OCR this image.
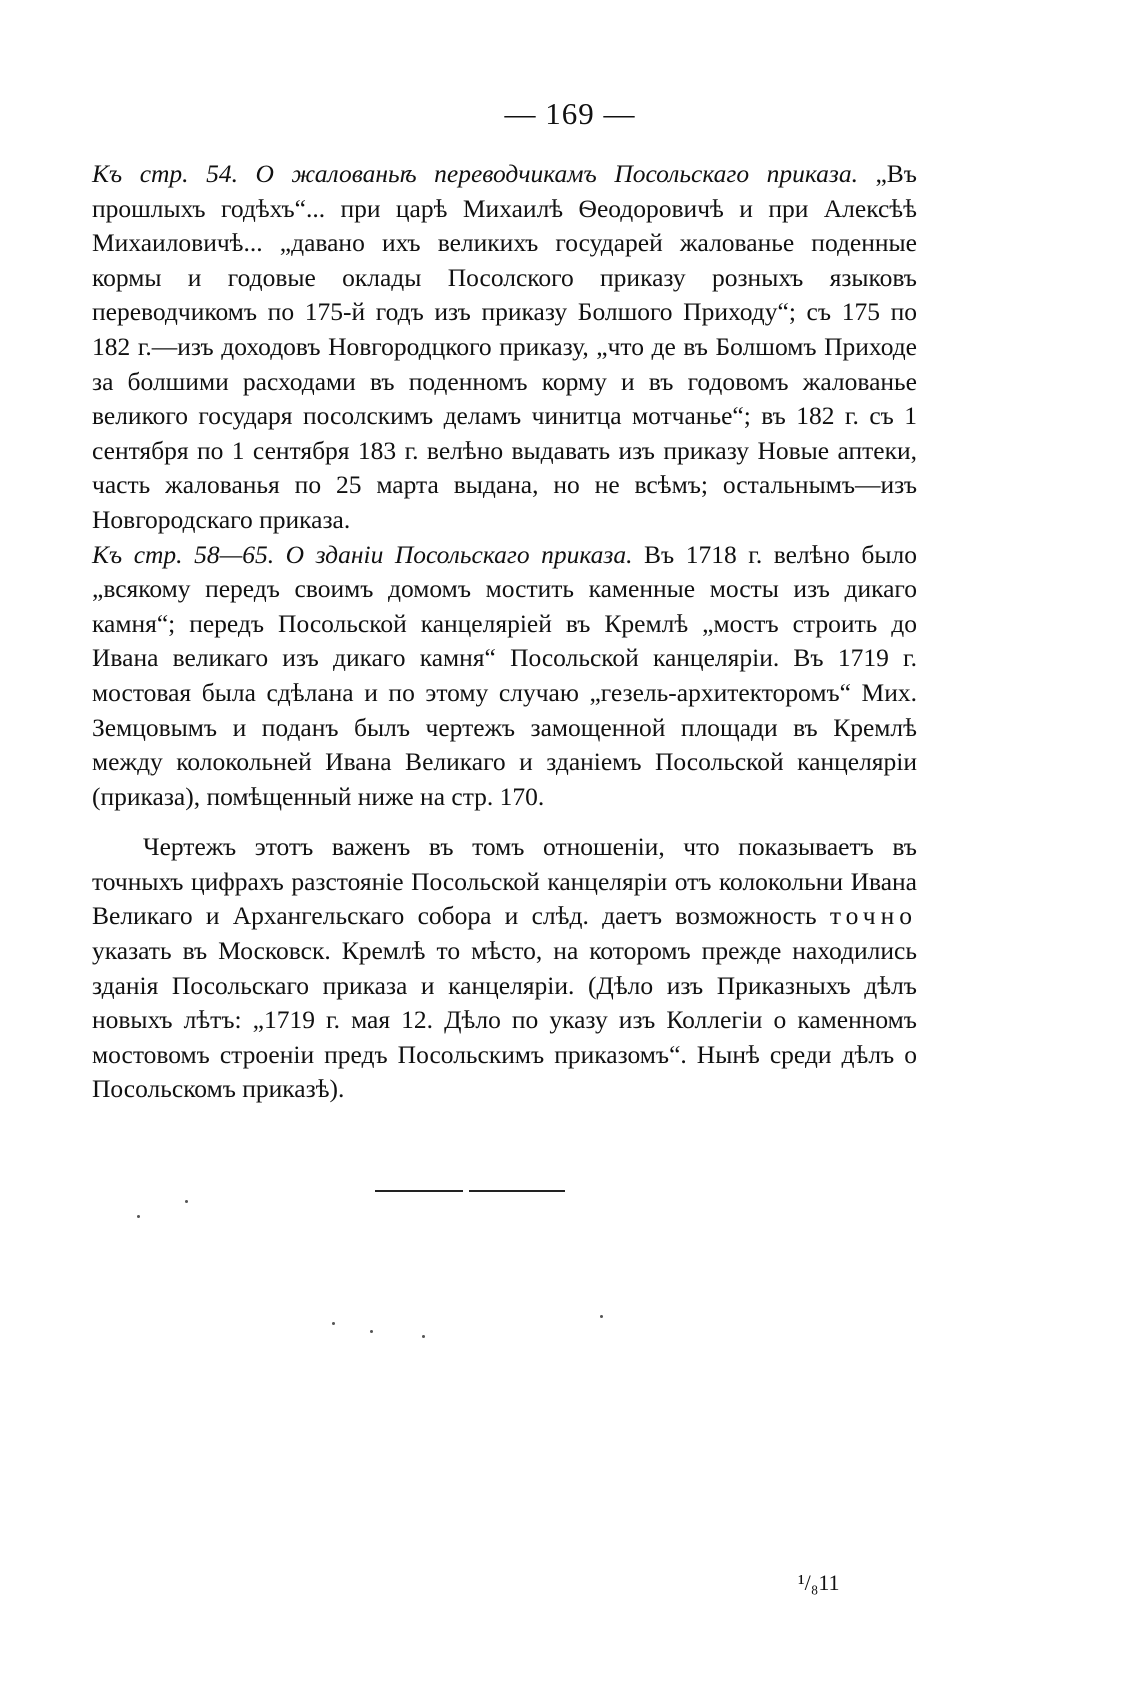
— 169 —

Къ стр. 54. О жалованьѣ переводчикамъ Посольскаго приказа. „Въ прошлыхъ годѣхъ“... при царѣ Михаилѣ Ѳеодоровичѣ и при Алексѣѣ Михаиловичѣ... „давано ихъ великихъ государей жалованье поденные кормы и годовые оклады Посолского приказу розныхъ языковъ переводчикомъ по 175-й годъ изъ приказу Болшого Приходу“; съ 175 по 182 г.—изъ доходовъ Новгородцкого приказу, „что де въ Болшомъ Приходе за болшими расходами въ поденномъ корму и въ годовомъ жалованье великого государя посолскимъ деламъ чинитца мотчанье“; въ 182 г. съ 1 сентября по 1 сентября 183 г. велѣно выдавать изъ приказу Новые аптеки, часть жалованья по 25 марта выдана, но не всѣмъ; остальнымъ—изъ Новгородскаго приказа.

Къ стр. 58—65. О зданіи Посольскаго приказа. Въ 1718 г. велѣно было „всякому передъ своимъ домомъ мостить каменные мосты изъ дикаго камня“; передъ Посольской канцеляріей въ Кремлѣ „мостъ строить до Ивана великаго изъ дикаго камня“ Посольской канцеляріи. Въ 1719 г. мостовая была сдѣлана и по этому случаю „гезель-архитекторомъ“ Мих. Земцовымъ и поданъ былъ чертежъ замощенной площади въ Кремлѣ между колокольней Ивана Великаго и зданіемъ Посольской канцеляріи (приказа), помѣщенный ниже на стр. 170.

  Чертежъ этотъ важенъ въ томъ отношеніи, что показываетъ въ точныхъ цифрахъ разстояніе Посольской канцеляріи отъ колокольни Ивана Великаго и Архангельскаго собора и слѣд. даетъ возможность точно указать въ Московск. Кремлѣ то мѣсто, на которомъ прежде находились зданія Посольскаго приказа и канцеляріи. (Дѣло изъ Приказныхъ дѣлъ новыхъ лѣтъ: „1719 г. мая 12. Дѣло по указу изъ Коллегіи о каменномъ мостовомъ строеніи предъ Посольскимъ приказомъ“. Нынѣ среди дѣлъ о Посольскомъ приказѣ).

¹/₈11
